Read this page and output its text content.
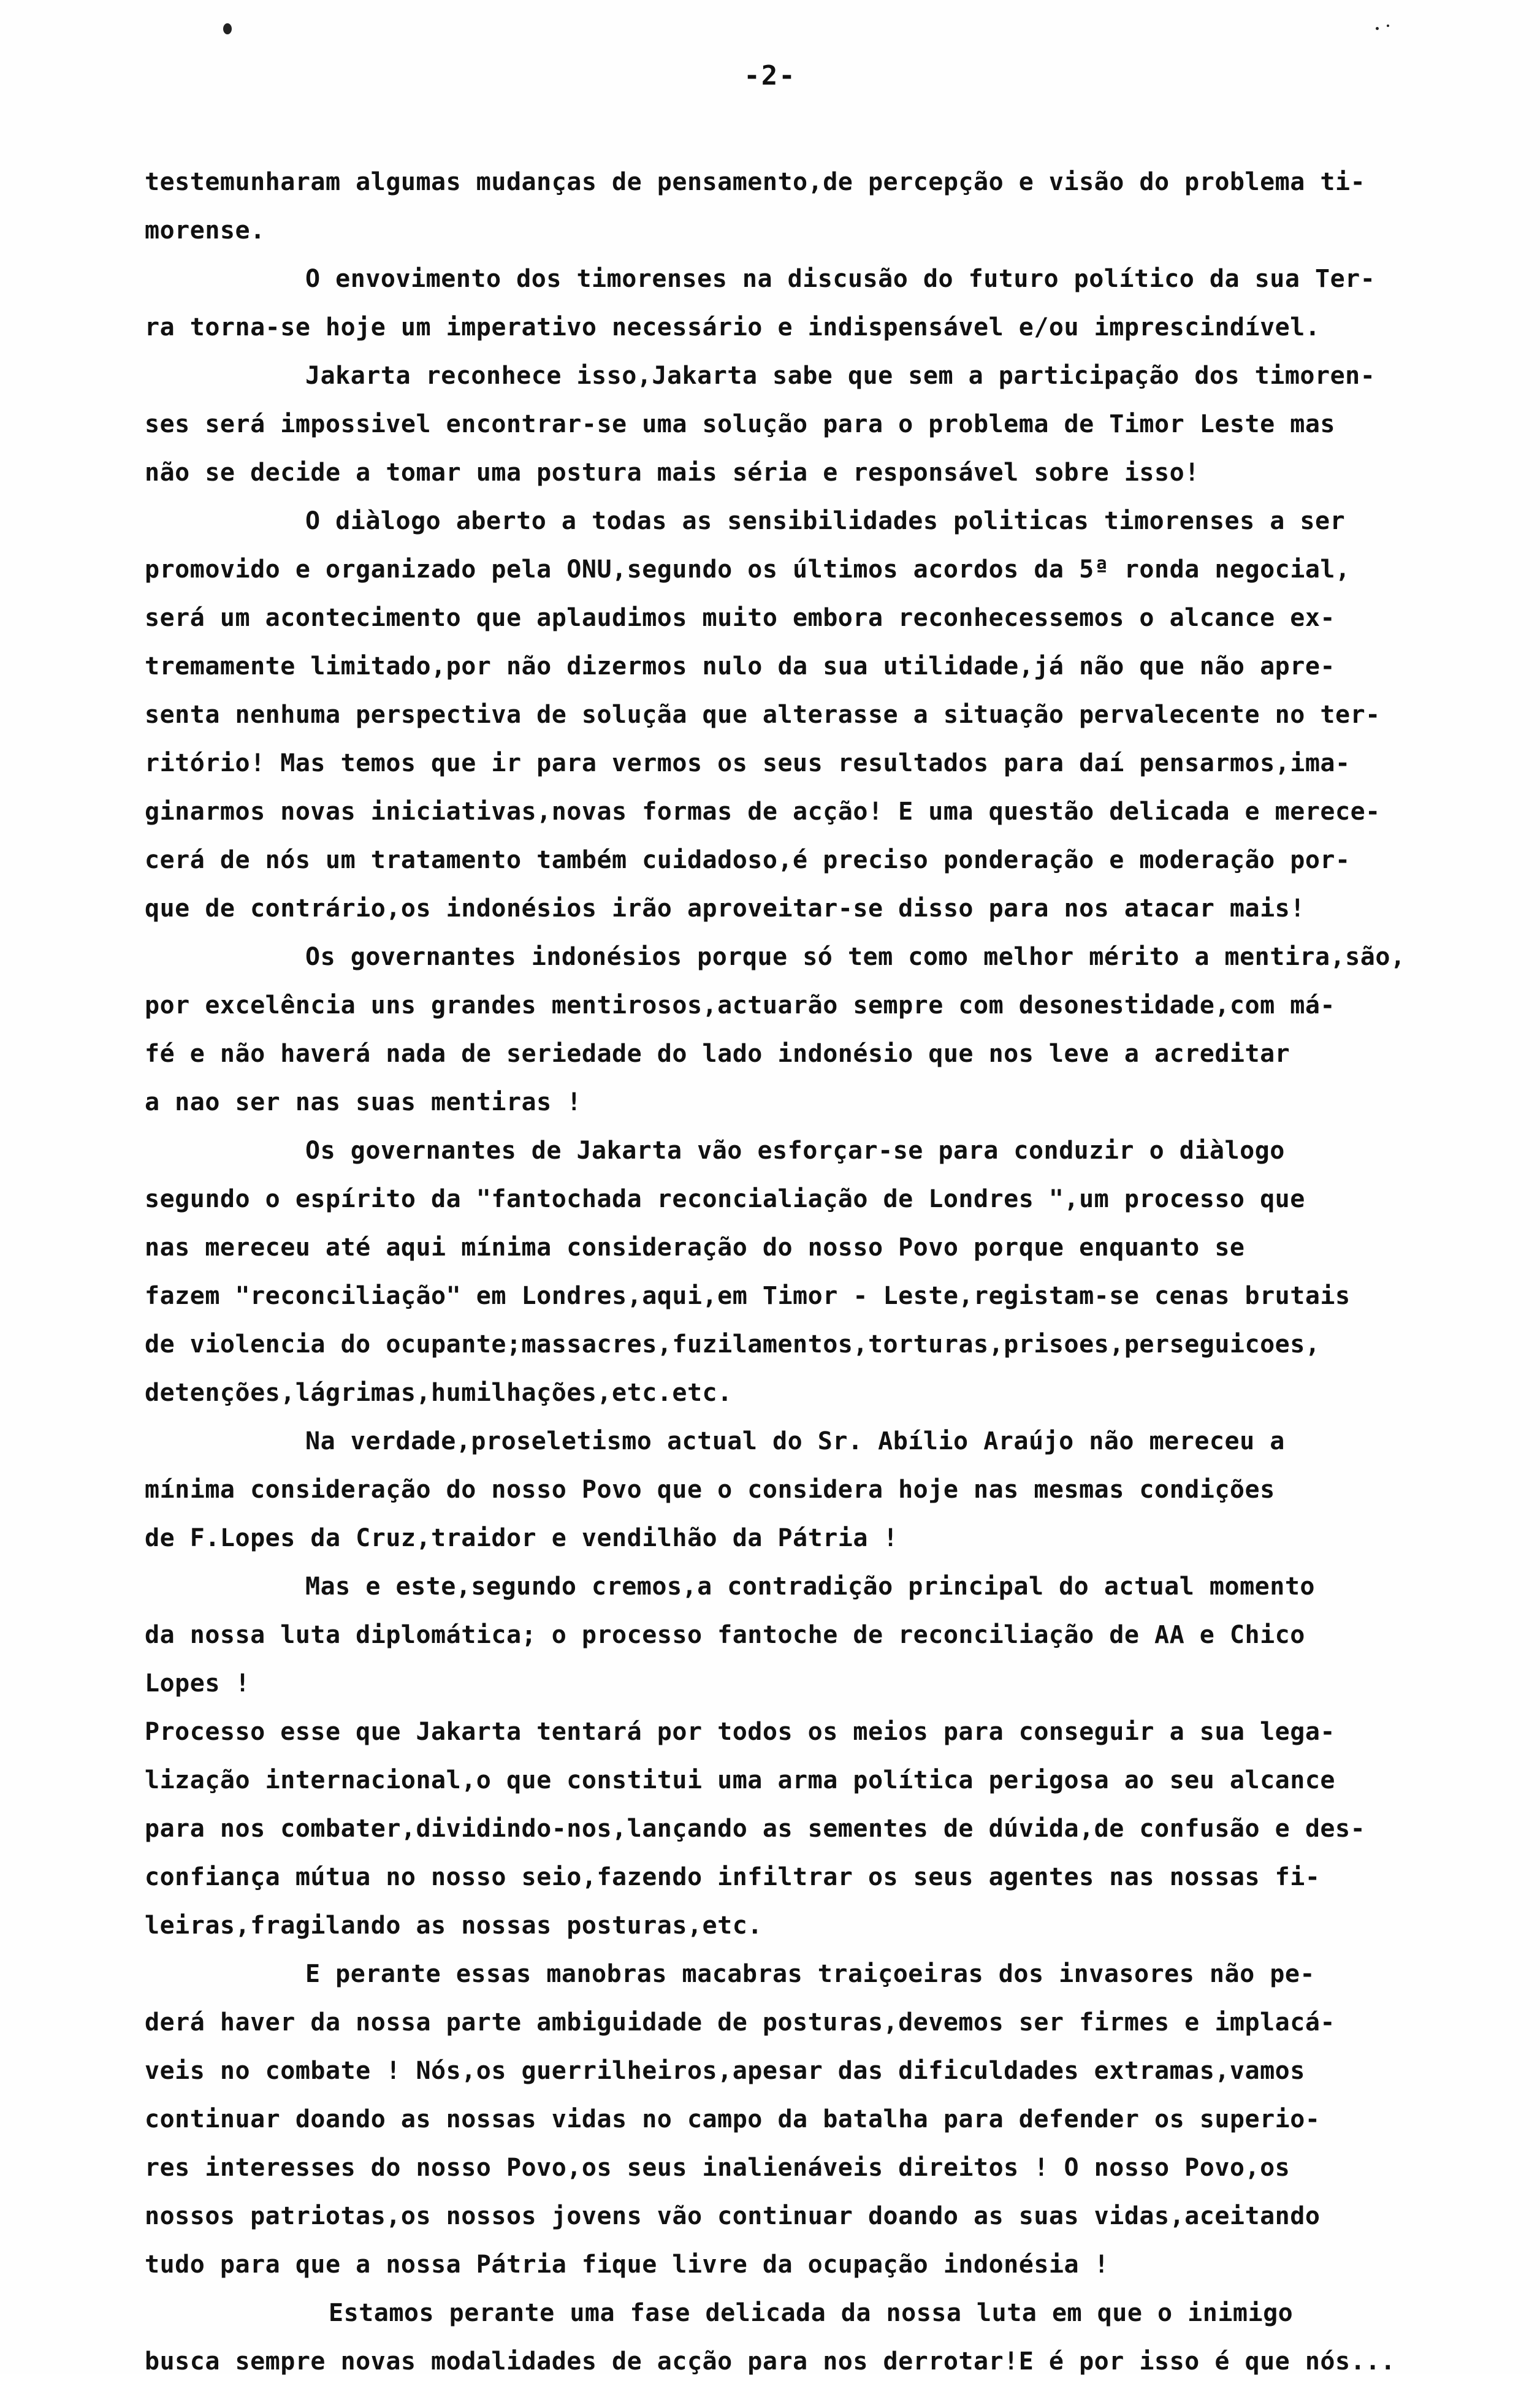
-2-

testemunharam algumas mudanças de pensamento,de percepção e visão do problema ti-

morense.

O envovimento dos timorenses na discusão do futuro político da sua Ter-

ra torna-se hoje um imperativo necessário e indispensável e/ou imprescindível.

Jakarta reconhece isso,Jakarta sabe que sem a participação dos timoren-

ses será impossivel encontrar-se uma solução para o problema de Timor Leste mas

não se decide a tomar uma postura mais séria e responsável sobre isso!

O diàlogo aberto a todas as sensibilidades politicas timorenses a ser

promovido e organizado pela ONU,segundo os últimos acordos da 5ª ronda negocial,

será um acontecimento que aplaudimos muito embora reconhecessemos o alcance ex-

tremamente limitado,por não dizermos nulo da sua utilidade,já não que não apre-

senta nenhuma perspectiva de soluçãa que alterasse a situação pervalecente no ter-

ritório! Mas temos que ir para vermos os seus resultados para daí pensarmos,ima-

ginarmos novas iniciativas,novas formas de acção! E uma questão delicada e merece-

cerá de nós um tratamento também cuidadoso,é preciso ponderação e moderação por-

que de contrário,os indonésios irão aproveitar-se disso para nos atacar mais!

Os governantes indonésios porque só tem como melhor mérito a mentira,são,

por excelência uns grandes mentirosos,actuarão sempre com desonestidade,com má-

fé e não haverá nada de seriedade do lado indonésio que nos leve a acreditar

a nao ser nas suas mentiras !

Os governantes de Jakarta vão esforçar-se para conduzir o diàlogo

segundo o espírito da "fantochada reconcialiação de Londres ",um processo que

nas mereceu até aqui mínima consideração do nosso Povo porque enquanto se

fazem "reconciliação" em Londres,aqui,em Timor - Leste,registam-se cenas brutais

de violencia do ocupante;massacres,fuzilamentos,torturas,prisoes,perseguicoes,

detenções,lágrimas,humilhações,etc.etc.

Na verdade,proseletismo actual do Sr. Abílio Araújo não mereceu a

mínima consideração do nosso Povo que o considera hoje nas mesmas condições

de F.Lopes da Cruz,traidor e vendilhão da Pátria !

Mas e este,segundo cremos,a contradição principal do actual momento

da nossa luta diplomática; o processo fantoche de reconciliação de AA e Chico

Lopes !

Processo esse que Jakarta tentará por todos os meios para conseguir a sua lega-

lização internacional,o que constitui uma arma política perigosa ao seu alcance

para nos combater,dividindo-nos,lançando as sementes de dúvida,de confusão e des-

confiança mútua no nosso seio,fazendo infiltrar os seus agentes nas nossas fi-

leiras,fragilando as nossas posturas,etc.

E perante essas manobras macabras traiçoeiras dos invasores não pe-

derá haver da nossa parte ambiguidade de posturas,devemos ser firmes e implacá-

veis no combate ! Nós,os guerrilheiros,apesar das dificuldades extramas,vamos

continuar doando as nossas vidas no campo da batalha para defender os superio-

res interesses do nosso Povo,os seus inalienáveis direitos ! O nosso Povo,os

nossos patriotas,os nossos jovens vão continuar doando as suas vidas,aceitando

tudo para que a nossa Pátria fique livre da ocupação indonésia !

Estamos perante uma fase delicada da nossa luta em que o inimigo

busca sempre novas modalidades de acção para nos derrotar!E é por isso é que nós...
